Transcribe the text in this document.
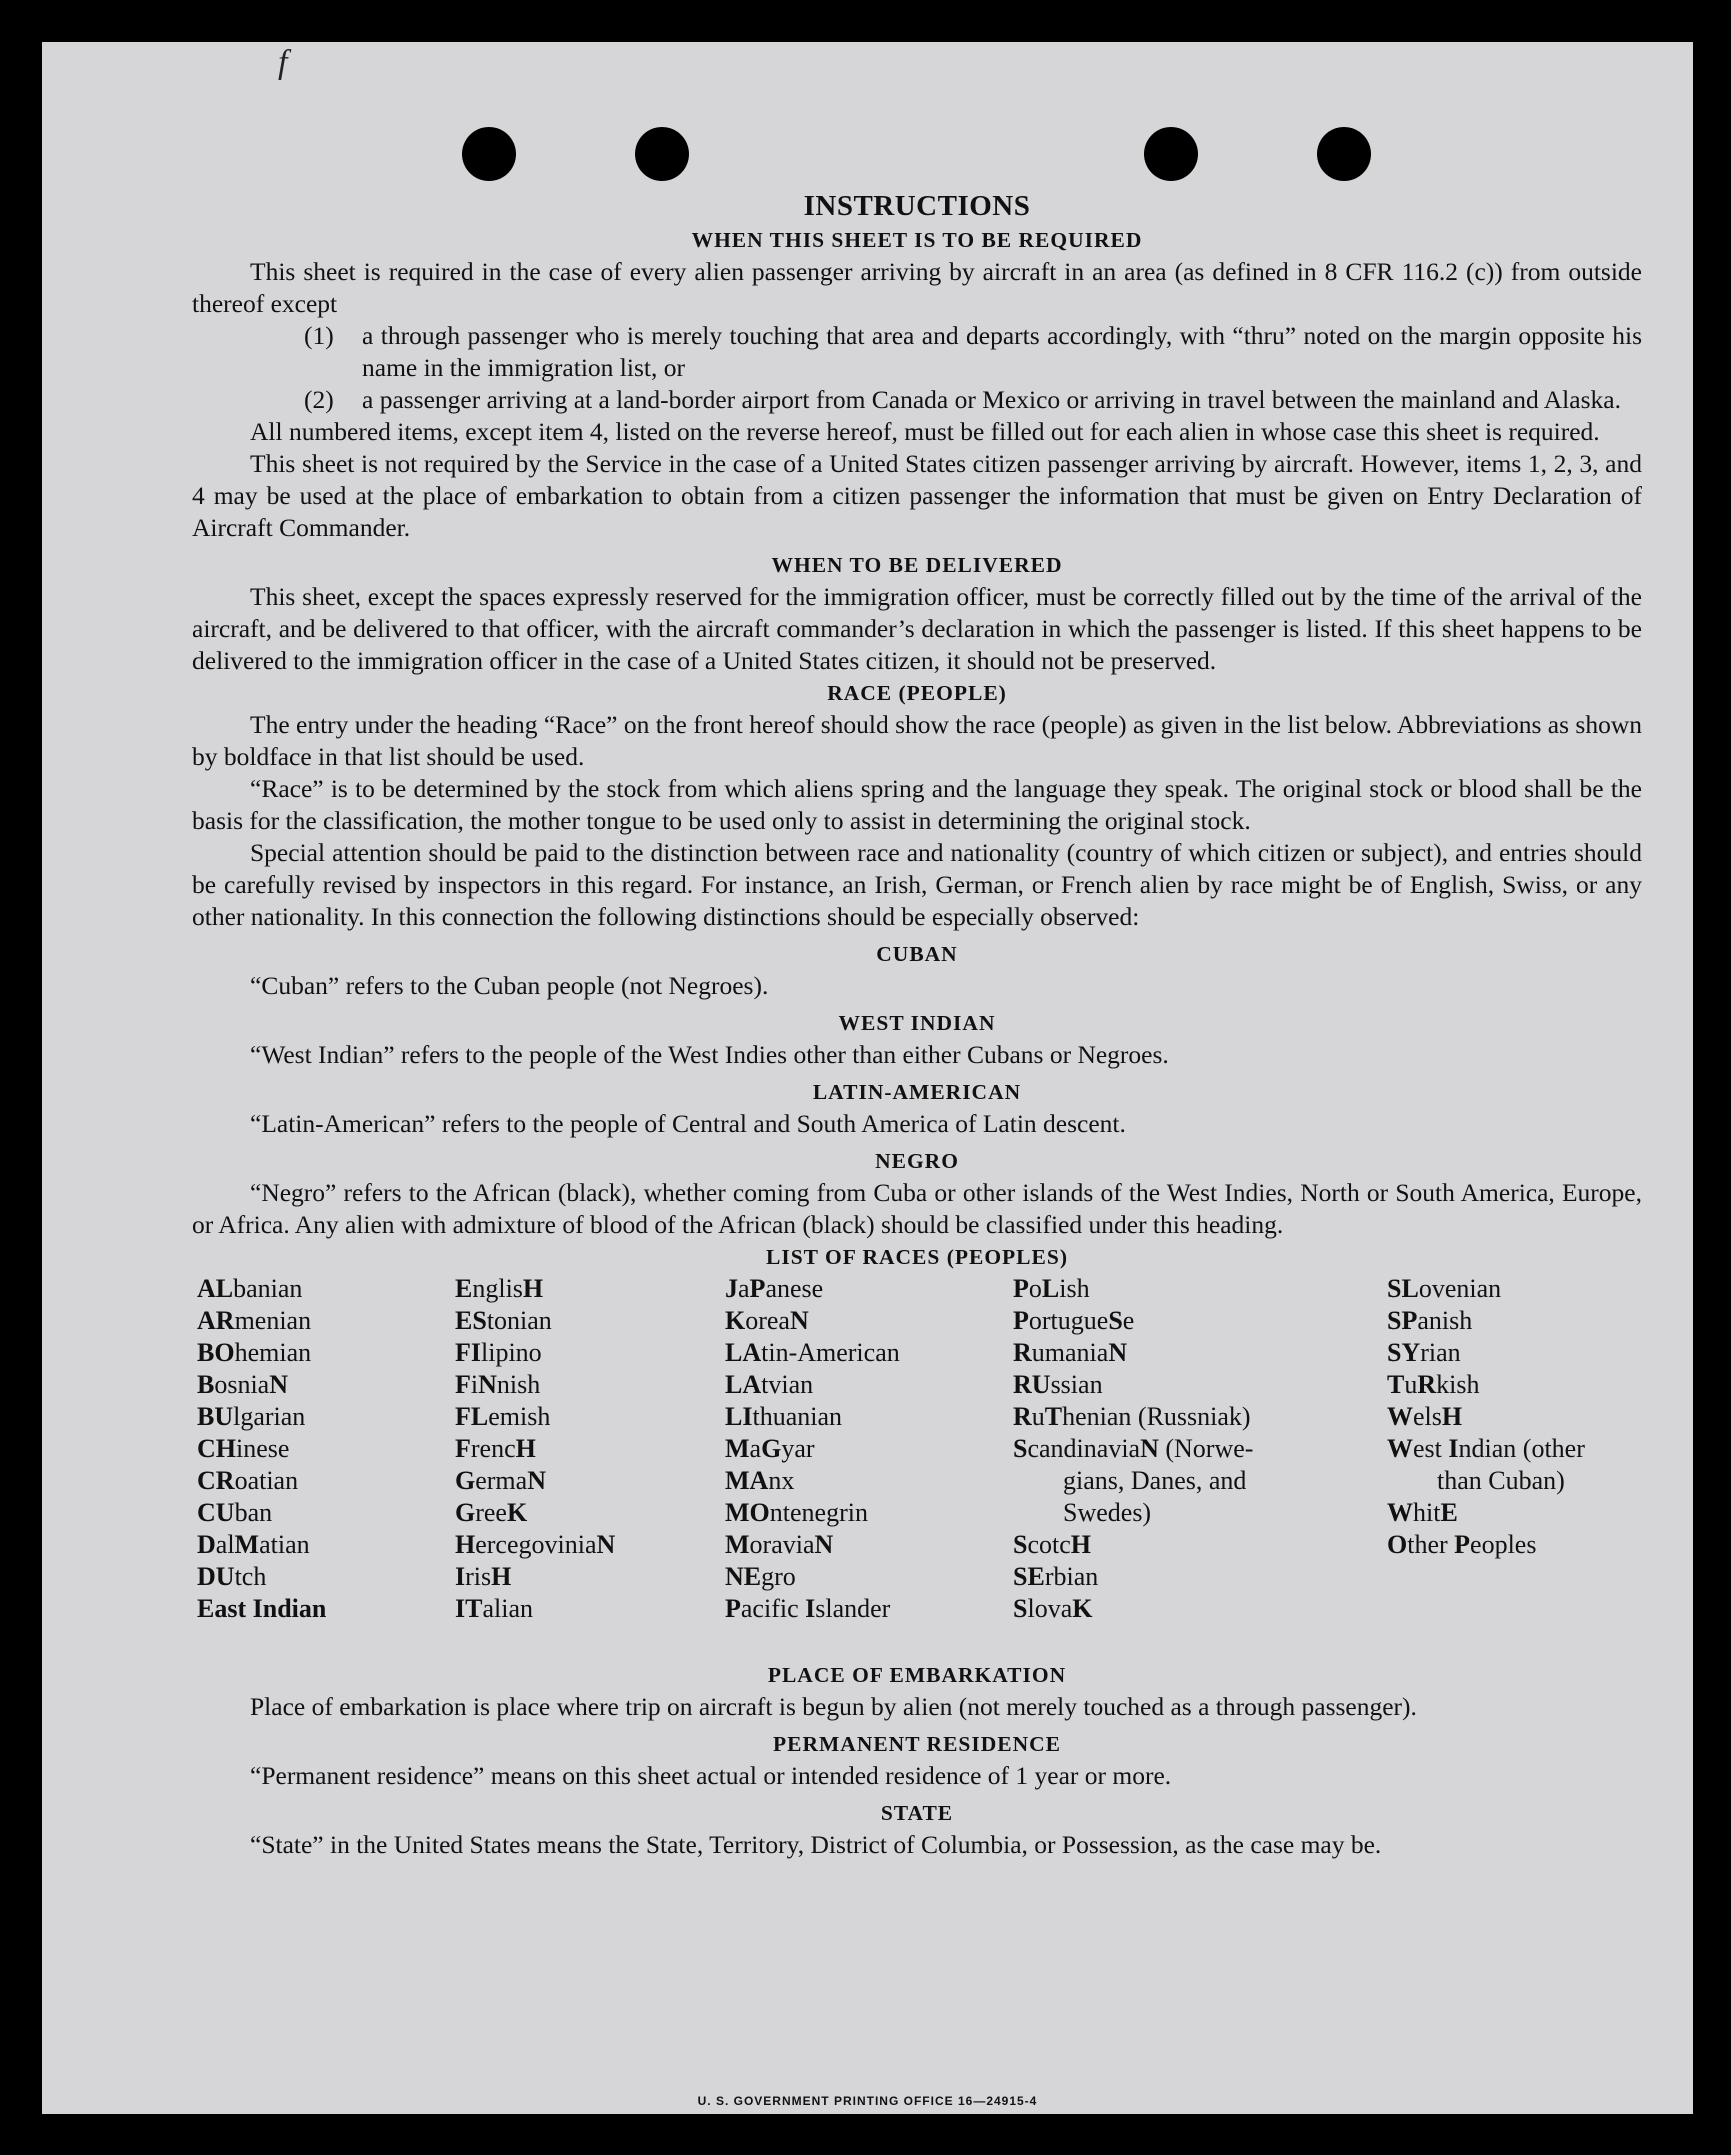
f
INSTRUCTIONS
WHEN THIS SHEET IS TO BE REQUIRED

This sheet is required in the case of every alien passenger arriving by aircraft in an area (as defined in 8 CFR 116.2 (c)) from outside thereof except

(1)	a through passenger who is merely touching that area and departs accordingly, with “thru” noted on the margin opposite his name in the immigration list, or
(2)	a passenger arriving at a land-border airport from Canada or Mexico or arriving in travel between the mainland and Alaska.

All numbered items, except item 4, listed on the reverse hereof, must be filled out for each alien in whose case this sheet is required.

This sheet is not required by the Service in the case of a United States citizen passenger arriving by aircraft. However, items 1, 2, 3, and 4 may be used at the place of embarkation to obtain from a citizen passenger the information that must be given on Entry Declaration of Aircraft Commander.

WHEN TO BE DELIVERED

This sheet, except the spaces expressly reserved for the immigration officer, must be correctly filled out by the time of the arrival of the aircraft, and be delivered to that officer, with the aircraft commander’s declaration in which the passenger is listed. If this sheet happens to be delivered to the immigration officer in the case of a United States citizen, it should not be preserved.

RACE (PEOPLE)

The entry under the heading “Race” on the front hereof should show the race (people) as given in the list below. Abbreviations as shown by boldface in that list should be used.

“Race” is to be determined by the stock from which aliens spring and the language they speak. The original stock or blood shall be the basis for the classification, the mother tongue to be used only to assist in determining the original stock.

Special attention should be paid to the distinction between race and nationality (country of which citizen or subject), and entries should be carefully revised by inspectors in this regard. For instance, an Irish, German, or French alien by race might be of English, Swiss, or any other nationality. In this connection the following distinctions should be especially observed:

CUBAN

“Cuban” refers to the Cuban people (not Negroes).

WEST INDIAN

“West Indian” refers to the people of the West Indies other than either Cubans or Negroes.

LATIN-AMERICAN

“Latin-American” refers to the people of Central and South America of Latin descent.

NEGRO

“Negro” refers to the African (black), whether coming from Cuba or other islands of the West Indies, North or South America, Europe, or Africa. Any alien with admixture of blood of the African (black) should be classified under this heading.

LIST OF RACES (PEOPLES)
ALbanian
ARmenian
BOhemian
BosniaN
BUlgarian
CHinese
CRoatian
CUban
DalMatian
DUtch
East Indian
EnglisH
EStonian
FIlipino
FiNnish
FLemish
FrencH
GermaN
GreeK
HercegoviniaN
IrisH
ITalian
JaPanese
KoreaN
LAtin-American
LAtvian
LIthuanian
MaGyar
MAnx
MOntenegrin
MoraviaN
NEgro
Pacific Islander
PoLish
PortugueSe
RumaniaN
RUssian
RuThenian (Russniak)
ScandinaviaN (Norwe-
gians, Danes, and
Swedes)
ScotcH
SErbian
SlovaK
SLovenian
SPanish
SYrian
TuRkish
WelsH
West Indian (other
than Cuban)
WhitE
Other Peoples
PLACE OF EMBARKATION

Place of embarkation is place where trip on aircraft is begun by alien (not merely touched as a through passenger).

PERMANENT RESIDENCE

“Permanent residence” means on this sheet actual or intended residence of 1 year or more.

STATE

“State” in the United States means the State, Territory, District of Columbia, or Possession, as the case may be.

U. S. GOVERNMENT PRINTING OFFICE 16—24915-4
